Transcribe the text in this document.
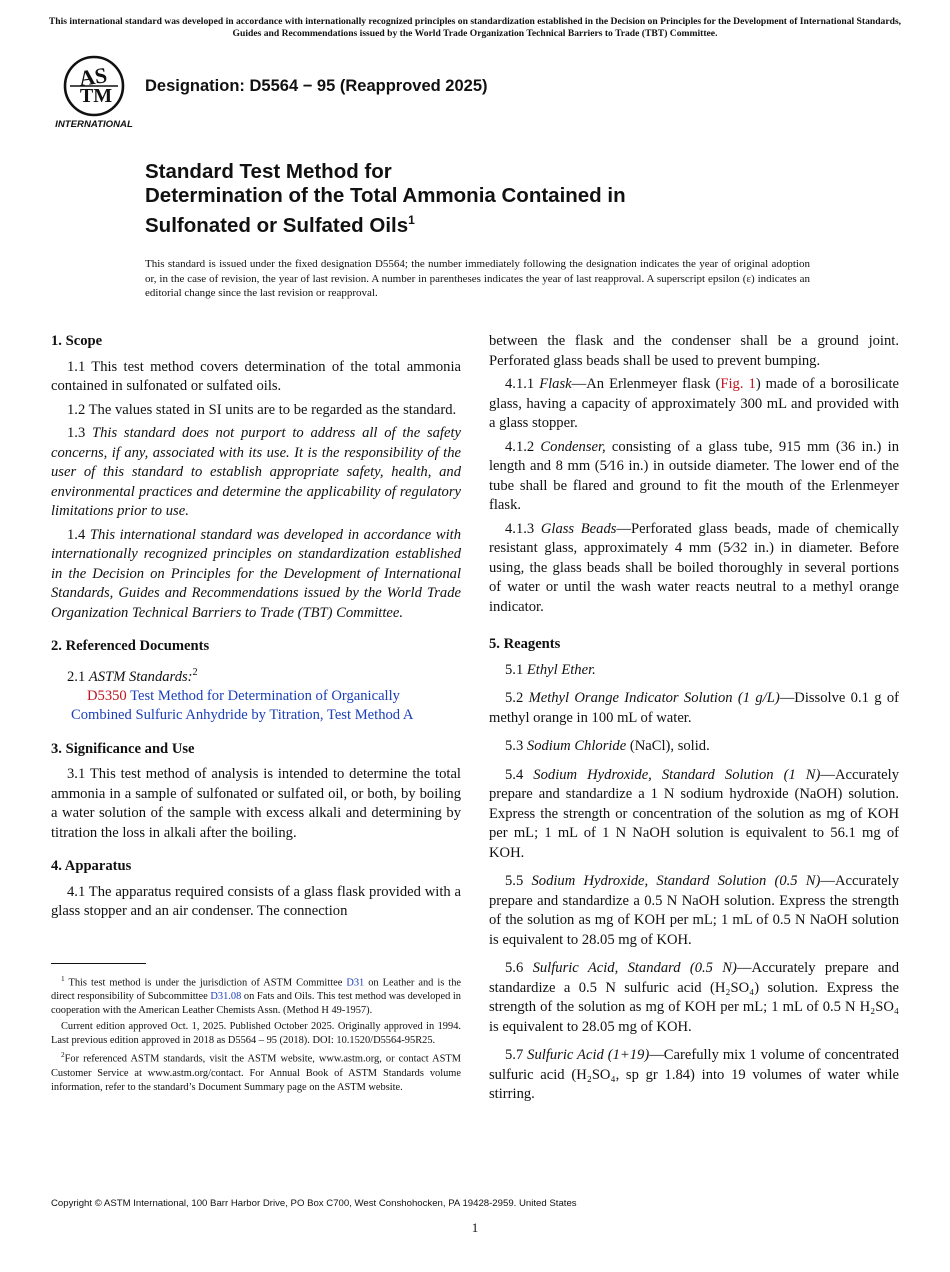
This international standard was developed in accordance with internationally recognized principles on standardization established in the Decision on Principles for the Development of International Standards, Guides and Recommendations issued by the World Trade Organization Technical Barriers to Trade (TBT) Committee.
AS
TM
INTERNATIONAL
Designation: D5564 − 95 (Reapproved 2025)
Standard Test Method for
Determination of the Total Ammonia Contained in
Sulfonated or Sulfated Oils$^1$
This standard is issued under the fixed designation D5564; the number immediately following the designation indicates the year of original adoption or, in the case of revision, the year of last revision. A number in parentheses indicates the year of last reapproval. A superscript epsilon (ε) indicates an editorial change since the last revision or reapproval.
1. Scope

1.1 This test method covers determination of the total ammonia contained in sulfonated or sulfated oils.

1.2 The values stated in SI units are to be regarded as the standard.

1.3 This standard does not purport to address all of the safety concerns, if any, associated with its use. It is the responsibility of the user of this standard to establish appropriate safety, health, and environmental practices and determine the applicability of regulatory limitations prior to use.

1.4 This international standard was developed in accordance with internationally recognized principles on standardization established in the Decision on Principles for the Development of International Standards, Guides and Recommendations issued by the World Trade Organization Technical Barriers to Trade (TBT) Committee.

2. Referenced Documents

2.1 ASTM Standards:$^2$

D5350 Test Method for Determination of Organically Combined Sulfuric Anhydride by Titration, Test Method A

3. Significance and Use

3.1 This test method of analysis is intended to determine the total ammonia in a sample of sulfonated or sulfated oil, or both, by boiling a water solution of the sample with excess alkali and determining by titration the loss in alkali after the boiling.

4. Apparatus

4.1 The apparatus required consists of a glass flask provided with a glass stopper and an air condenser. The connection

$^1$ This test method is under the jurisdiction of ASTM Committee D31 on Leather and is the direct responsibility of Subcommittee D31.08 on Fats and Oils. This test method was developed in cooperation with the American Leather Chemists Assn. (Method H 49-1957).

Current edition approved Oct. 1, 2025. Published October 2025. Originally approved in 1994. Last previous edition approved in 2018 as D5564 – 95 (2018). DOI: 10.1520/D5564-95R25.

$^2$For referenced ASTM standards, visit the ASTM website, www.astm.org, or contact ASTM Customer Service at www.astm.org/contact. For Annual Book of ASTM Standards volume information, refer to the standard’s Document Summary page on the ASTM website.

between the flask and the condenser shall be a ground joint. Perforated glass beads shall be used to prevent bumping.

4.1.1 Flask—An Erlenmeyer flask (Fig. 1) made of a borosilicate glass, having a capacity of approximately 300 mL and provided with a glass stopper.

4.1.2 Condenser, consisting of a glass tube, 915 mm (36 in.) in length and 8 mm (5⁄16 in.) in outside diameter. The lower end of the tube shall be flared and ground to fit the mouth of the Erlenmeyer flask.

4.1.3 Glass Beads—Perforated glass beads, made of chemically resistant glass, approximately 4 mm (5⁄32 in.) in diameter. Before using, the glass beads shall be boiled thoroughly in several portions of water or until the wash water reacts neutral to a methyl orange indicator.

5. Reagents

5.1 Ethyl Ether.

5.2 Methyl Orange Indicator Solution (1 g/L)—Dissolve 0.1 g of methyl orange in 100 mL of water.

5.3 Sodium Chloride (NaCl), solid.

5.4 Sodium Hydroxide, Standard Solution (1 N)—Accurately prepare and standardize a 1 N sodium hydroxide (NaOH) solution. Express the strength or concentration of the solution as mg of KOH per mL; 1 mL of 1 N NaOH solution is equivalent to 56.1 mg of KOH.

5.5 Sodium Hydroxide, Standard Solution (0.5 N)—Accurately prepare and standardize a 0.5 N NaOH solution. Express the strength of the solution as mg of KOH per mL; 1 mL of 0.5 N NaOH solution is equivalent to 28.05 mg of KOH.

5.6 Sulfuric Acid, Standard (0.5 N)—Accurately prepare and standardize a 0.5 N sulfuric acid (H₂SO₄) solution. Express the strength of the solution as mg of KOH per mL; 1 mL of 0.5 N H₂SO₄ is equivalent to 28.05 mg of KOH.

5.7 Sulfuric Acid (1+19)—Carefully mix 1 volume of concentrated sulfuric acid (H₂SO₄, sp gr 1.84) into 19 volumes of water while stirring.

Copyright © ASTM International, 100 Barr Harbor Drive, PO Box C700, West Conshohocken, PA 19428-2959. United States
1
